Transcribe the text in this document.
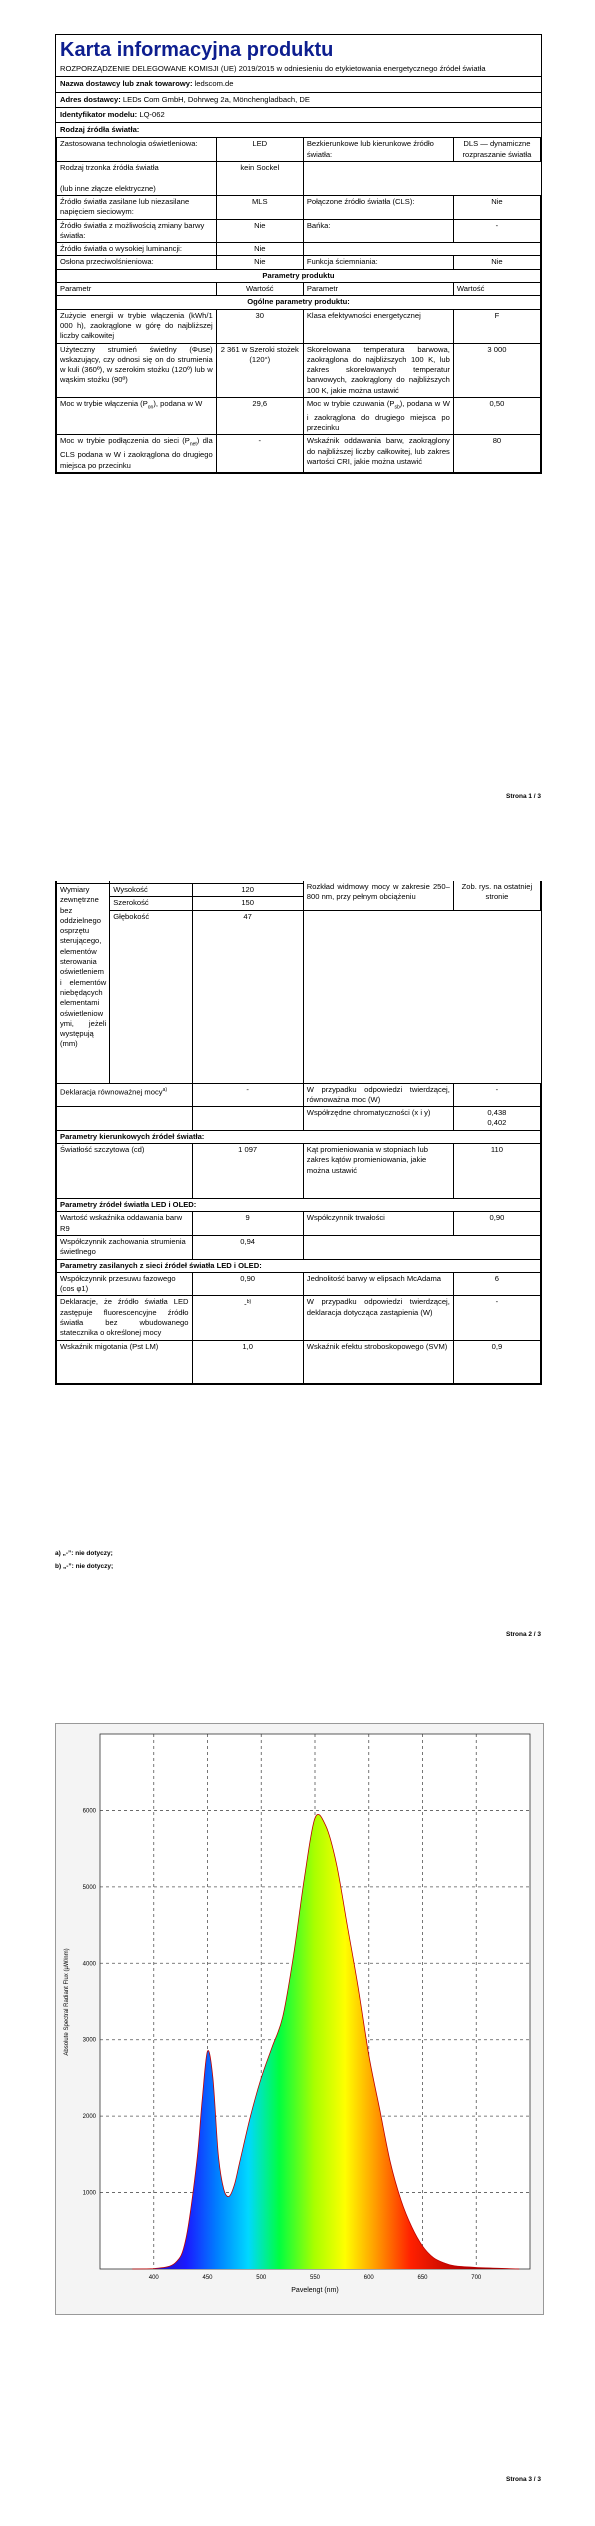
Karta informacyjna produktu
ROZPORZĄDZENIE DELEGOWANE KOMISJI (UE) 2019/2015 w odniesieniu do etykietowania energetycznego źródeł światła
Nazwa dostawcy lub znak towarowy: ledscom.de
Adres dostawcy: LEDs Com GmbH, Dohrweg 2a, Mönchengladbach, DE
Identyfikator modelu: LQ-062
Rodzaj źródła światła:
Zastosowana technologia oświetleniowa:	LED	Bezkierunkowe lub kierunkowe źródło światła:	DLS — dynamiczne rozpraszanie światła
Rodzaj trzonka źródła światła

(lub inne złącze elektryczne)	kein Sockel		
Źródło światła zasilane lub niezasilane napięciem sieciowym:	MLS	Połączone źródło światła (CLS):	Nie
Źródło światła z możliwością zmiany barwy światła:	Nie	Bańka:	-
Źródło światła o wysokiej luminancji:	Nie		
Osłona przeciwolśnieniowa:	Nie	Funkcja ściemniania:	Nie
Parametry produktu			
Parametr	Wartość	Parametr	Wartość
Ogólne parametry produktu:			
Zużycie energii w trybie włączenia (kWh/1 000 h), zaokrąglone w górę do najbliższej liczby całkowitej	30	Klasa efektywności energetycznej	F
Użyteczny strumień świetlny (Φuse) wskazujący, czy odnosi się on do strumienia w kuli (360º), w szerokim stożku (120º) lub w wąskim stożku (90º)	2 361 w Szeroki stożek (120°)	Skorelowana temperatura barwowa, zaokrąglona do najbliższych 100 K, lub zakres skorelowanych temperatur barwowych, zaokrąglony do najbliższych 100 K, jakie można ustawić	3 000
Moc w trybie włączenia $(P_{on})$, podana w W	29,6	Moc w trybie czuwania $(P_{sb})$, podana w W i zaokrąglona do drugiego miejsca po przecinku	0,50
Moc w trybie podłączenia do sieci $(P_{net})$ dla CLS podana w W i zaokrąglona do drugiego miejsca po przecinku	-	Wskaźnik oddawania barw, zaokrąglony do najbliższej liczby całkowitej, lub zakres wartości CRI, jakie można ustawić	80
Strona 1 / 3
			Rozkład widmowy mocy w zakresie 250–800 nm, przy pełnym obciążeniu	Zob. rys. na ostatniej stronie
Wymiary zewnętrzne bez oddzielnego osprzętu sterującego, elementów sterowania oświetleniem i elementów niebędących elementami oświetleniowymi, jeżeli występują (mm)	Wysokość	120		
	Szerokość	150		
	Głębokość	47		

Deklaracja równoważnej mocy$^{a)}$		-	W przypadku odpowiedzi twierdzącej, równoważna moc (W)	-
			Współrzędne chromatyczności (x i y)	0,438
0,402
Parametry kierunkowych źródeł światła:				
Światłość szczytowa (cd)		1 097	Kąt promieniowania w stopniach lub zakres kątów promieniowania, jakie można ustawić	110
Parametry źródeł światła LED i OLED:				
Wartość wskaźnika oddawania barw R9		9	Współczynnik trwałości	0,90
Współczynnik zachowania strumienia świetlnego		0,94		
Parametry zasilanych z sieci źródeł światła LED i OLED:				
Współczynnik przesuwu fazowego (cos φ1)		0,90	Jednolitość barwy w elipsach McAdama	6
Deklaracje, że źródło światła LED zastępuje fluorescencyjne źródło światła bez wbudowanego statecznika o określonej mocy		-$^{b)}$	W przypadku odpowiedzi twierdzącej, deklaracja dotycząca zastąpienia (W)	-
Wskaźnik migotania (Pst LM)		1,0	Wskaźnik efektu stroboskopowego (SVM)	0,9
a) „-”: nie dotyczy;
b) „-”: nie dotyczy;
Strona 2 / 3
400	450	500	550	600	650	700
1000
2000
3000
4000
5000
6000
Pavelengt (nm)
Absolute Spectral Radiant Flux (µW/nm)
Strona 3 / 3
